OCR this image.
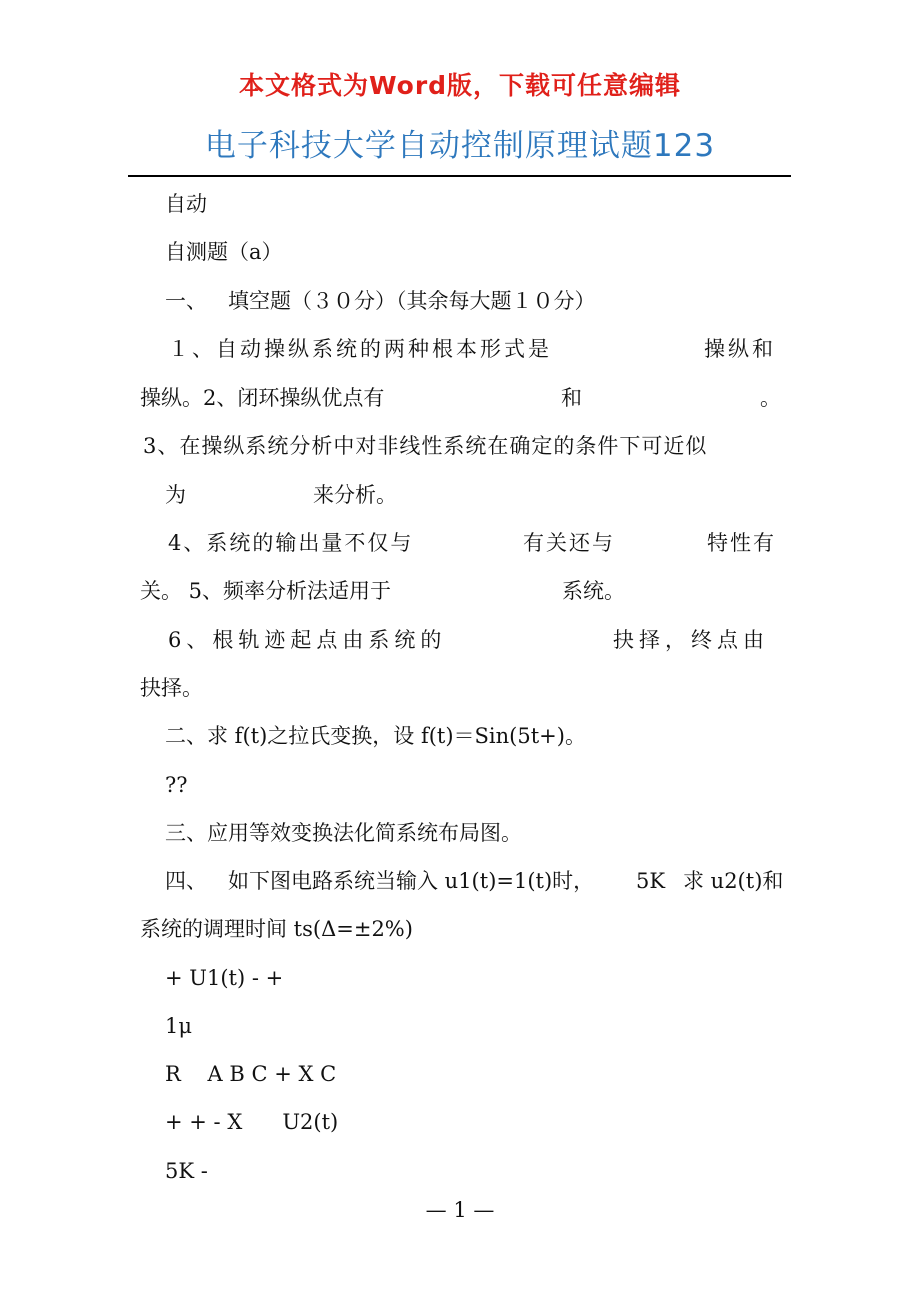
本文格式为Word版，下载可任意编辑
电子科技大学自动控制原理试题123
自动
自测题（a）
一、 填空题（３０分）（其余每大题１０分）
１、自动操纵系统的两种根本形式是	操纵和
操纵。2、闭环操纵优点有	和	。
3、在操纵系统分析中对非线性系统在确定的条件下可近似
为	来分析。
4、系统的输出量不仅与	有关还与	特性有
关。 5、频率分析法适用于	系统。
6、根轨迹起点由系统的	抉择，终点由
抉择。
二、求 f(t)之拉氏变换，设 f(t)＝Sin(5t+)。
??
三、应用等效变换法化简系统布局图。
四、 如下图电路系统当输入 u1(t)=1(t)时， 5K 求 u2(t)和
系统的调理时间 ts(Δ=±2%)
+ U1(t) - +
1μ
R    A B C + X C
+ + - X      U2(t)
5K -
— 1 —
